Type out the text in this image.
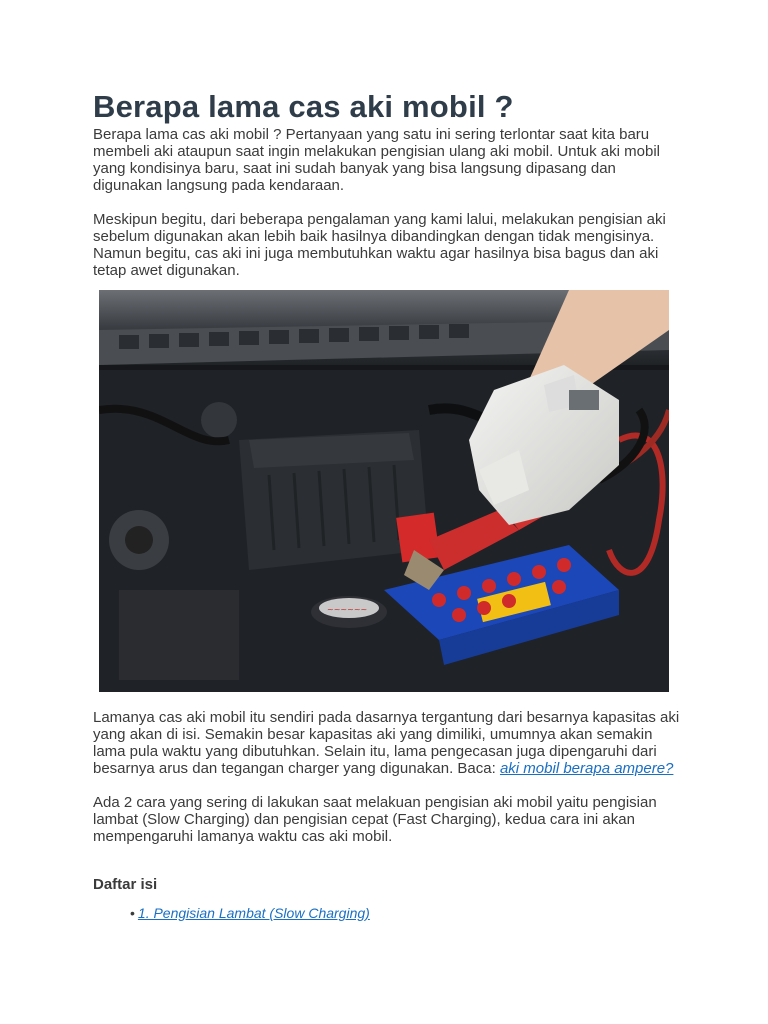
Berapa lama cas aki mobil ?

Berapa lama cas aki mobil ? Pertanyaan yang satu ini sering terlontar saat kita baru membeli aki ataupun saat ingin melakukan pengisian ulang aki mobil. Untuk aki mobil yang kondisinya baru, saat ini sudah banyak yang bisa langsung dipasang dan digunakan langsung pada kendaraan.

Meskipun begitu, dari beberapa pengalaman yang kami lalui, melakukan pengisian aki sebelum digunakan akan lebih baik hasilnya dibandingkan dengan tidak mengisinya. Namun begitu, cas aki ini juga membutuhkan waktu agar hasilnya bisa bagus dan aki tetap awet digunakan.

~~~~~~

Lamanya cas aki mobil itu sendiri pada dasarnya tergantung dari besarnya kapasitas aki yang akan di isi. Semakin besar kapasitas aki yang dimiliki, umumnya akan semakin lama pula waktu yang dibutuhkan. Selain itu, lama pengecasan juga dipengaruhi dari besarnya arus dan tegangan charger yang digunakan. Baca: aki mobil berapa ampere?

Ada 2 cara yang sering di lakukan saat melakuan pengisian aki mobil yaitu pengisian lambat (Slow Charging) dan pengisian cepat (Fast Charging), kedua cara ini akan mempengaruhi lamanya waktu cas aki mobil.

Daftar isi
• 1. Pengisian Lambat (Slow Charging)
